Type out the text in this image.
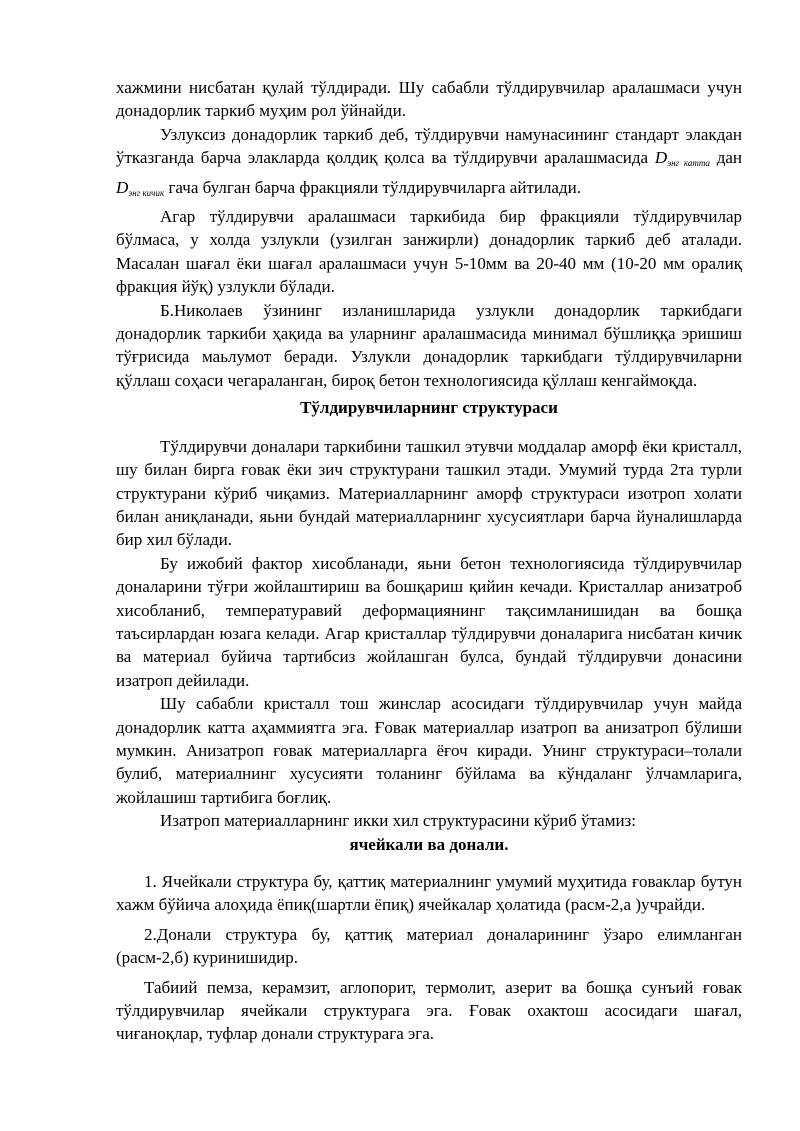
хажмини нисбатан қулай тўлдиради. Шу сабабли тўлдирувчилар аралашмаси учун донадорлик таркиб муҳим рол ўйнайди.

Узлуксиз донадорлик таркиб деб, тўлдирувчи намунасининг стандарт элакдан ўтказганда барча элакларда қолдиқ қолса ва тўлдирувчи аралашмасида Dэнг катта дан Dэнг кичик гача булган барча фракцияли тўлдирувчиларга айтилади.

Агар тўлдирувчи аралашмаси таркибида бир фракцияли тўлдирувчилар бўлмаса, у холда узлукли (узилган занжирли) донадорлик таркиб деб аталади. Масалан шағал ёки шағал аралашмаси учун 5-10мм ва 20-40 мм (10-20 мм оралиқ фракция йўқ) узлукли бўлади.

Б.Николаев ўзининг изланишларида узлукли донадорлик таркибдаги донадорлик таркиби ҳақида ва уларнинг аралашмасида минимал бўшлиққа эришиш тўғрисида маьлумот беради. Узлукли донадорлик таркибдаги тўлдирувчиларни қўллаш соҳаси чегараланган, бироқ бетон технологиясида қўллаш кенгаймоқда.

Тўлдирувчиларнинг структураси

Тўлдирувчи доналари таркибини ташкил этувчи моддалар аморф ёки кристалл, шу билан бирга ғовак ёки зич структурани ташкил этади. Умумий турда 2та турли структурани кўриб чиқамиз. Материалларнинг аморф структураси изотроп холати билан аниқланади, яьни бундай материалларнинг хусусиятлари барча йуналишларда бир хил бўлади.

Бу ижобий фактор хисобланади, яьни бетон технологиясида тўлдирувчилар доналарини тўғри жойлаштириш ва бошқариш қийин кечади. Кристаллар анизатроб хисобланиб, температуравий деформациянинг тақсимланишидан ва бошқа таъсирлардан юзага келади. Агар кристаллар тўлдирувчи доналарига нисбатан кичик ва материал буйича тартибсиз жойлашган булса, бундай тўлдирувчи донасини изатроп дейилади.

Шу сабабли кристалл тош жинслар асосидаги тўлдирувчилар учун майда донадорлик катта аҳаммиятга эга. Ғовак материаллар изатроп ва анизатроп бўлиши мумкин. Анизатроп ғовак материалларга ёғоч киради. Унинг структураси–толали булиб, материалнинг хусусияти толанинг бўйлама ва кўндаланг ўлчамларига, жойлашиш тартибига боғлиқ.

Изатроп материалларнинг икки хил структурасини кўриб ўтамиз:

ячейкали ва донали.

1. Ячейкали структура бу, қаттиқ материалнинг умумий муҳитида ғоваклар бутун хажм бўйича алоҳида ёпиқ(шартли ёпиқ) ячейкалар ҳолатида (расм-2,а )учрайди.

2.Донали структура бу, қаттиқ материал доналарининг ўзаро елимланган (расм-2,б) куринишидир.

Табиий пемза, керамзит, аглопорит, термолит, азерит ва бошқа сунъий ғовак тўлдирувчилар ячейкали структурага эга. Ғовак охактош асосидаги шағал, чиғаноқлар, туфлар донали структурага эга.
